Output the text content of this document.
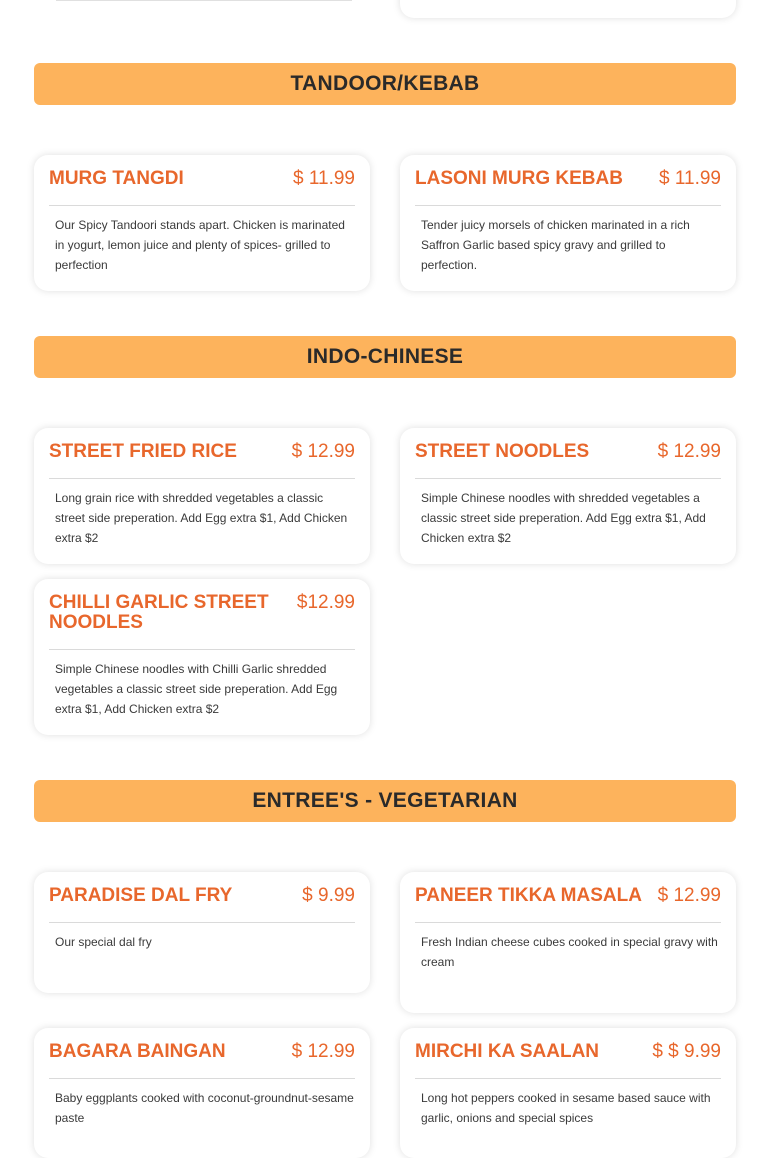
TANDOOR/KEBAB
MURG TANGDI	$ 11.99
Our Spicy Tandoori stands apart. Chicken is marinated in yogurt, lemon juice and plenty of spices- grilled to perfection
LASONI MURG KEBAB $ 11.99
Tender juicy morsels of chicken marinated in a rich Saffron Garlic based spicy gravy and grilled to perfection.
INDO-CHINESE
STREET FRIED RICE	$ 12.99
Long grain rice with shredded vegetables a classic street side preperation. Add Egg extra $1, Add Chicken extra $2
STREET NOODLES	$ 12.99
Simple Chinese noodles with shredded vegetables a classic street side preperation. Add Egg extra $1, Add Chicken extra $2
CHILLI GARLIC STREET NOODLES
$12.99
Simple Chinese noodles with Chilli Garlic shredded vegetables a classic street side preperation. Add Egg extra $1, Add Chicken extra $2
ENTREE'S - VEGETARIAN
PARADISE DAL FRY	$ 9.99
Our special dal fry
PANEER TIKKA MASALA $ 12.99
Fresh Indian cheese cubes cooked in special gravy with cream
BAGARA BAINGAN	$ 12.99
Baby eggplants cooked with coconut-groundnut-sesame paste
MIRCHI KA SAALAN	$ $ 9.99
Long hot peppers cooked in sesame based sauce with garlic, onions and special spices
